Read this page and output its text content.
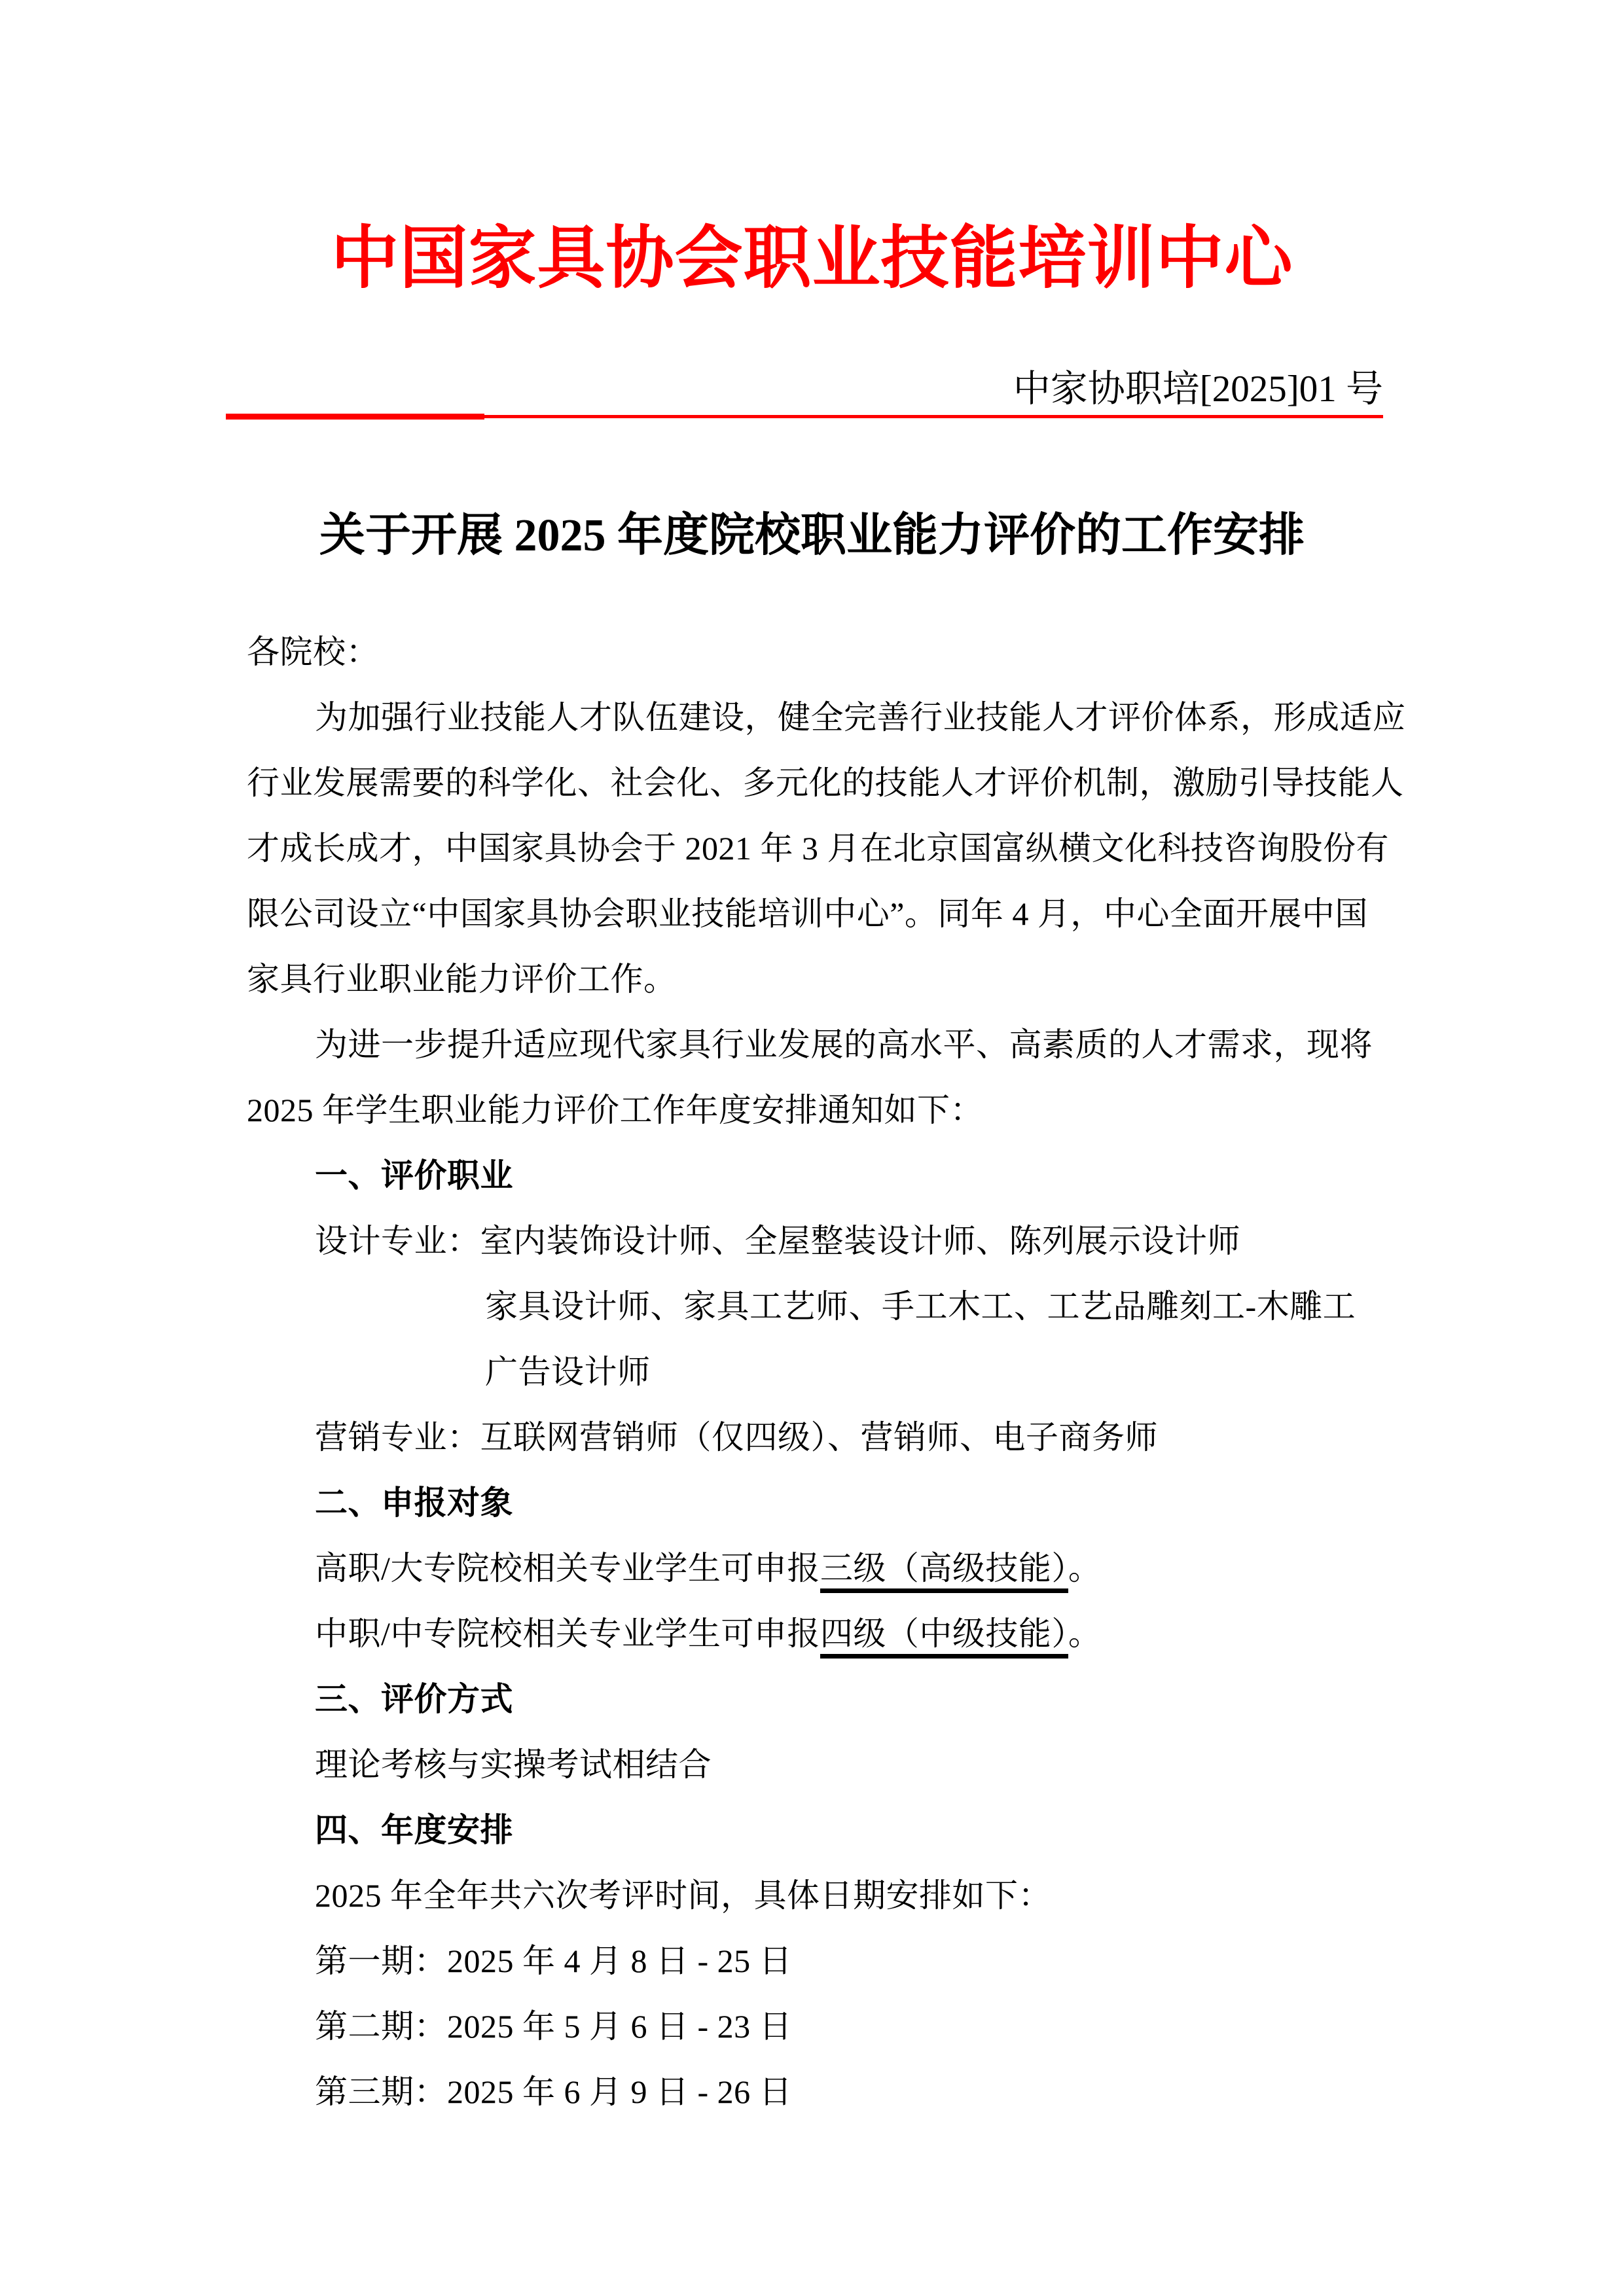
中国家具协会职业技能培训中心
中家协职培[2025]01 号
关于开展 2025 年度院校职业能力评价的工作安排
各院校：
为加强行业技能人才队伍建设，健全完善行业技能人才评价体系，形成适应
行业发展需要的科学化、社会化、多元化的技能人才评价机制，激励引导技能人
才成长成才，中国家具协会于 2021 年 3 月在北京国富纵横文化科技咨询股份有
限公司设立“中国家具协会职业技能培训中心”。同年 4 月，中心全面开展中国
家具行业职业能力评价工作。
为进一步提升适应现代家具行业发展的高水平、高素质的人才需求，现将
2025 年学生职业能力评价工作年度安排通知如下：
一、评价职业
设计专业：室内装饰设计师、全屋整装设计师、陈列展示设计师
家具设计师、家具工艺师、手工木工、工艺品雕刻工-木雕工
广告设计师
营销专业：互联网营销师（仅四级）、营销师、电子商务师
二、申报对象
高职/大专院校相关专业学生可申报三级（高级技能）。
中职/中专院校相关专业学生可申报四级（中级技能）。
三、评价方式
理论考核与实操考试相结合
四、年度安排
2025 年全年共六次考评时间，具体日期安排如下：
第一期：2025 年 4 月 8 日 - 25 日
第二期：2025 年 5 月 6 日 - 23 日
第三期：2025 年 6 月 9 日 - 26 日
